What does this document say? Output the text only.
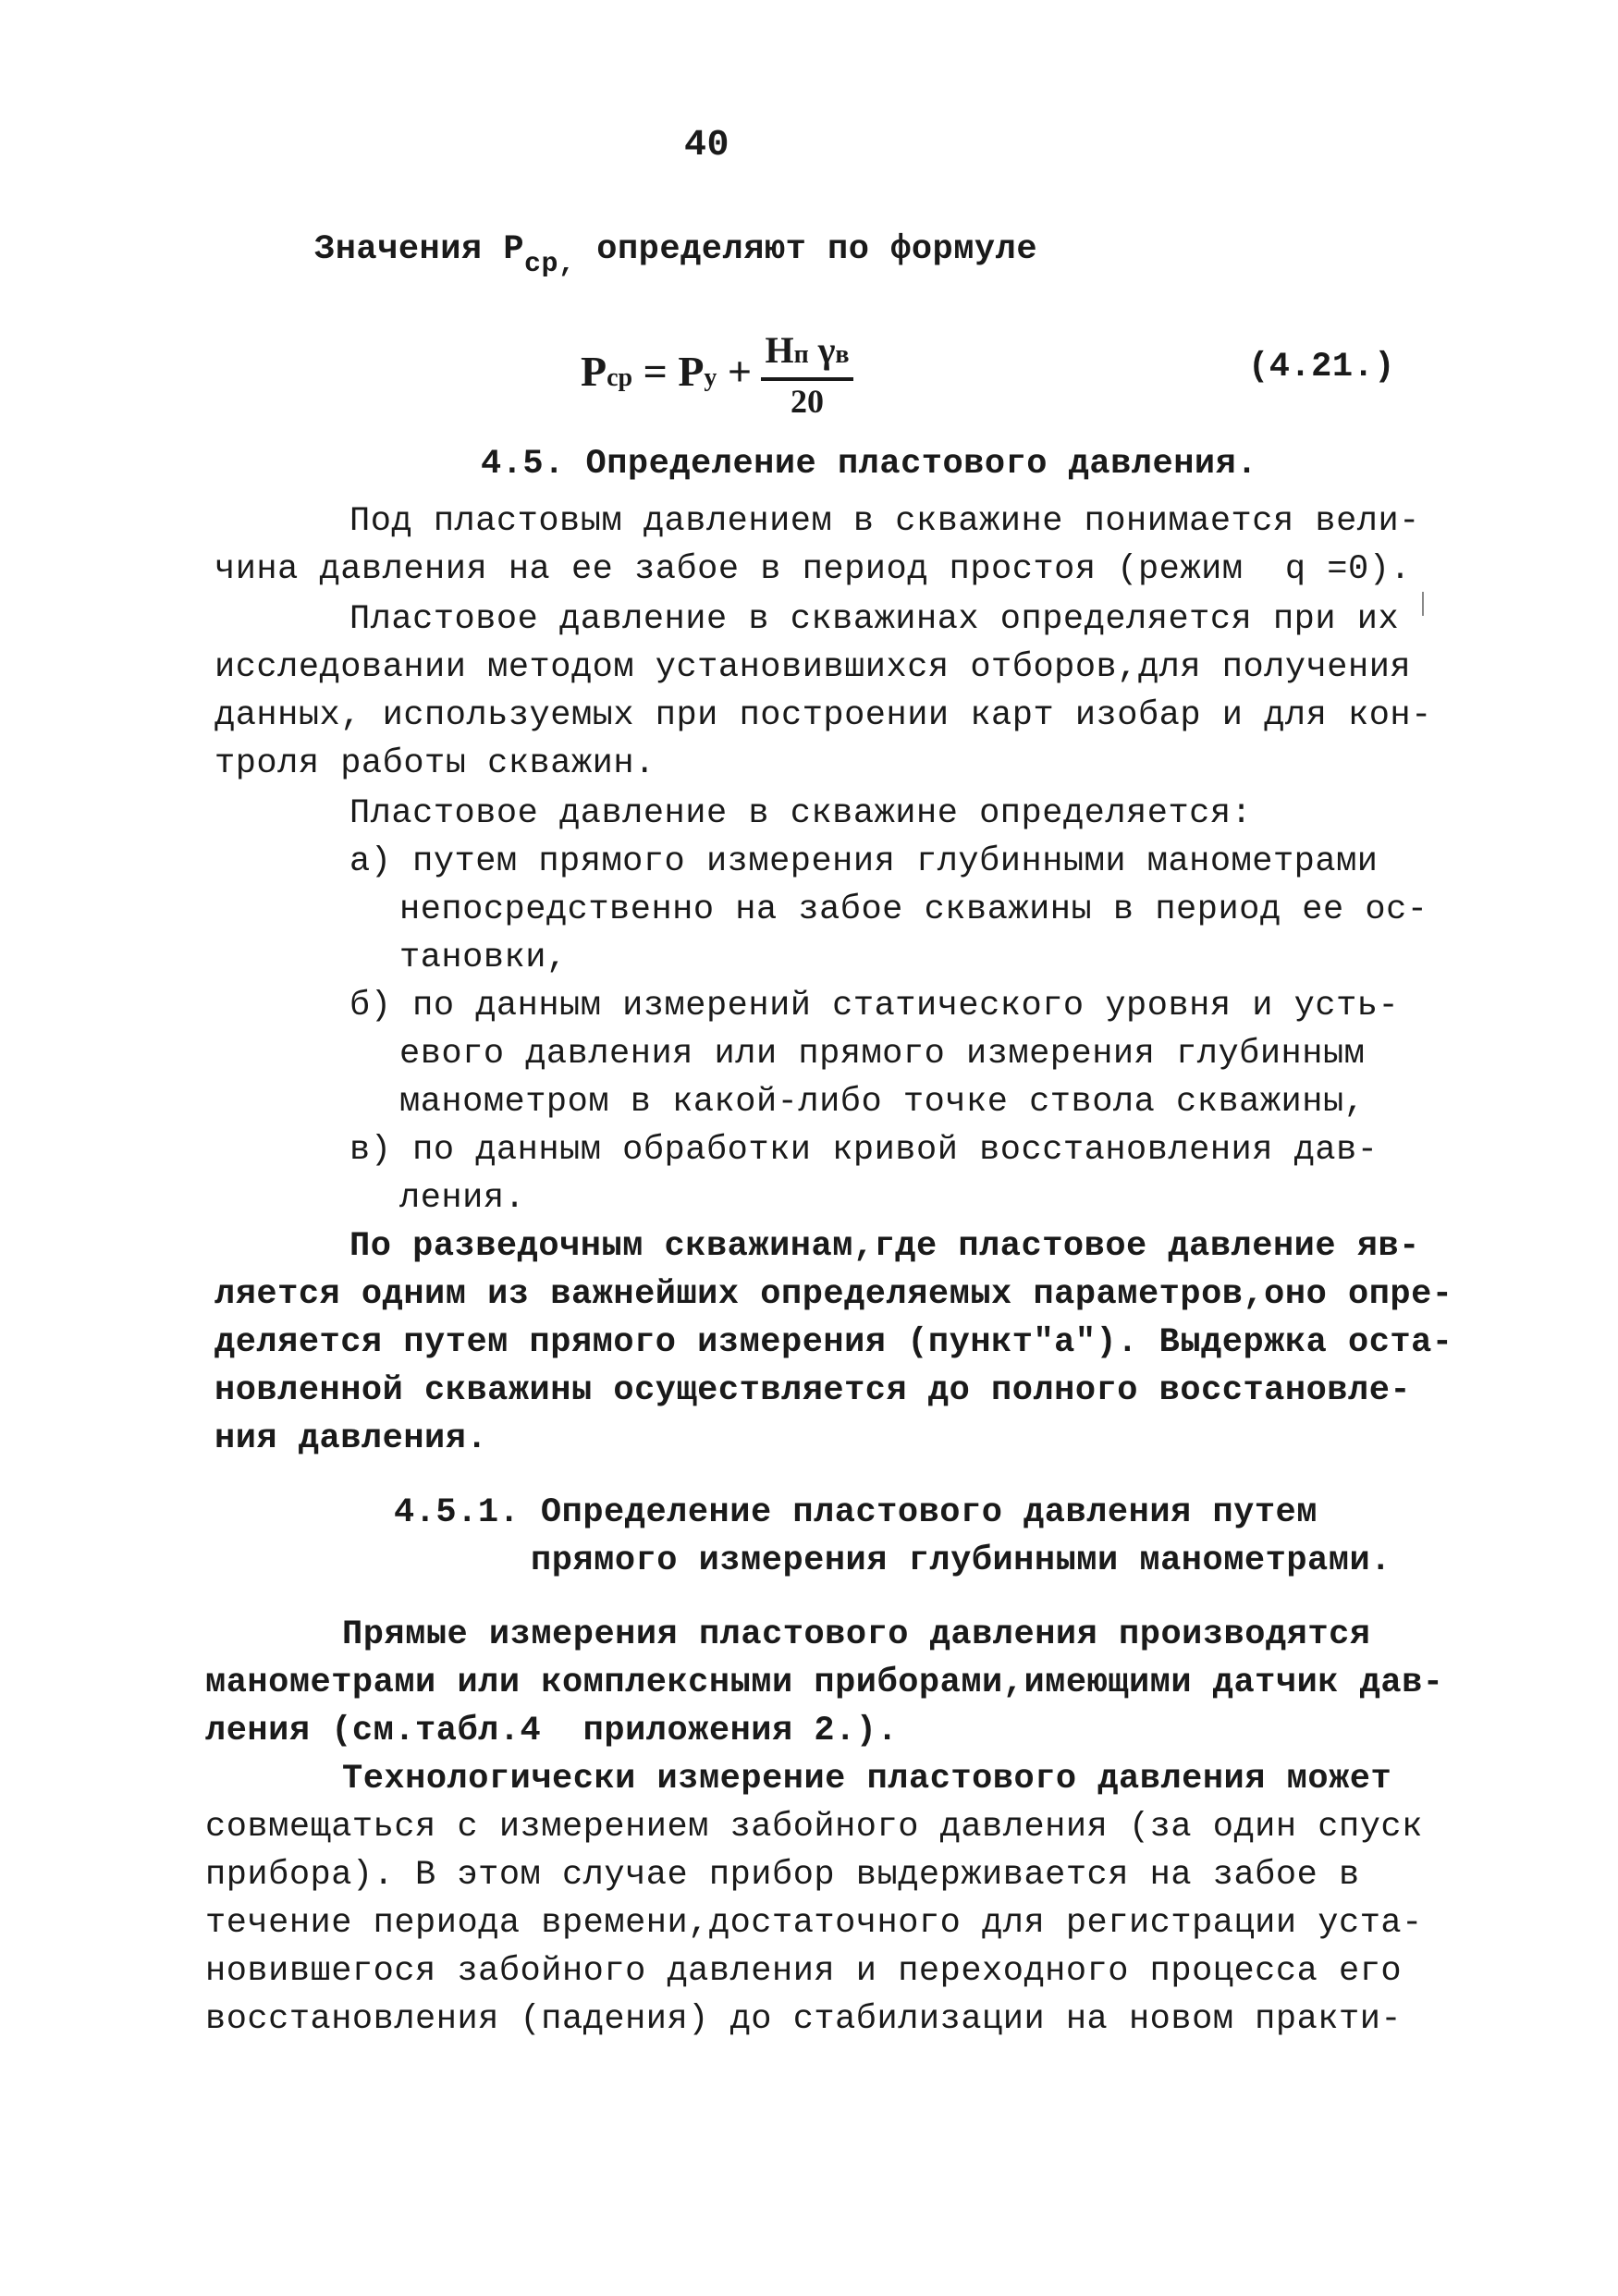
40
Значения $P_{ср,}$ определяют по формуле
Pср = Pу + Hп γв
20
(4.21.)
4.5. Определение пластового давления.
Под пластовым давлением в скважине понимается вели-
чина давления на ее забое в период простоя (режим  q =0).
Пластовое давление в скважинах определяется при их
исследовании методом установившихся отборов,для получения
данных, используемых при построении карт изобар и для кон-
троля работы скважин.
Пластовое давление в скважине определяется:
а) путем прямого измерения глубинными манометрами
непосредственно на забое скважины в период ее ос-
тановки,
б) по данным измерений статического уровня и усть-
евого давления или прямого измерения глубинным
манометром в какой-либо точке ствола скважины,
в) по данным обработки кривой восстановления дав-
ления.
По разведочным скважинам,где пластовое давление яв-
ляется одним из важнейших определяемых параметров,оно опре-
деляется путем прямого измерения (пункт"а"). Выдержка оста-
новленной скважины осуществляется до полного восстановле-
ния давления.
4.5.1. Определение пластового давления путем
прямого измерения глубинными манометрами.
Прямые измерения пластового давления производятся
манометрами или комплексными приборами,имеющими датчик дав-
ления (см.табл.4  приложения 2.).
Технологически измерение пластового давления может
совмещаться с измерением забойного давления (за один спуск
прибора). В этом случае прибор выдерживается на забое в
течение периода времени,достаточного для регистрации уста-
новившегося забойного давления и переходного процесса его
восстановления (падения) до стабилизации на новом практи-
